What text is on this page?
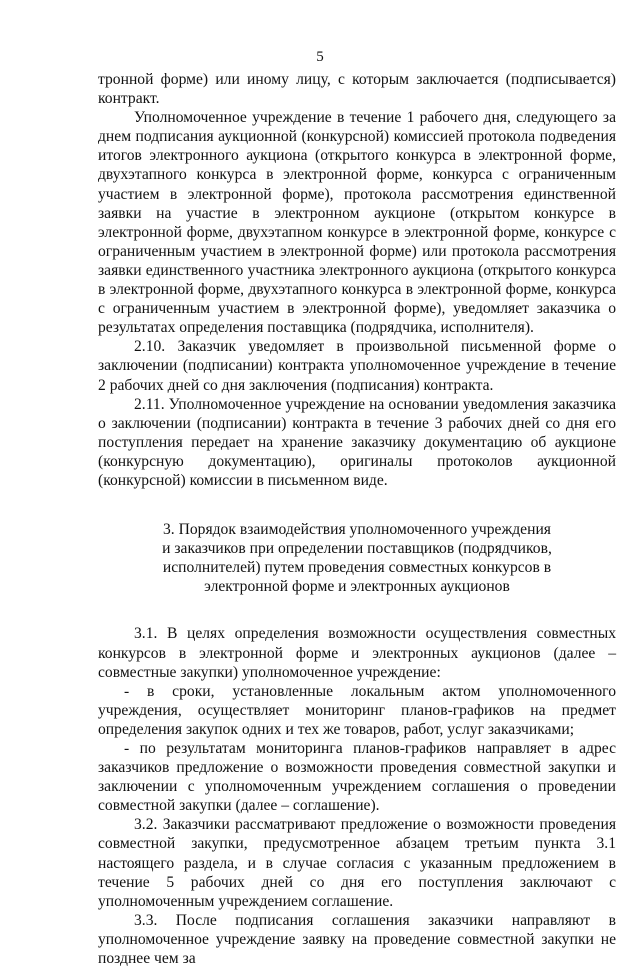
5

тронной форме) или иному лицу, с которым заключается (подписывается) контракт.

Уполномоченное учреждение в течение 1 рабочего дня, следующего за днем подписания аукционной (конкурсной) комиссией протокола подведения итогов электронного аукциона (открытого конкурса в электронной форме, двухэтапного конкурса в электронной форме, конкурса с ограниченным участием в электронной форме), протокола рассмотрения единственной заявки на участие в электронном аукционе (открытом конкурсе в электронной форме, двухэтапном конкурсе в электронной форме, конкурсе с ограниченным участием в электронной форме) или протокола рассмотрения заявки единственного участника электронного аукциона (открытого конкурса в электронной форме, двухэтапного конкурса в электронной форме, конкурса с ограниченным участием в электронной форме), уведомляет заказчика о результатах определения поставщика (подрядчика, исполнителя).

2.10. Заказчик уведомляет в произвольной письменной форме о заключении (подписании) контракта уполномоченное учреждение в течение 2 рабочих дней со дня заключения (подписания) контракта.

2.11. Уполномоченное учреждение на основании уведомления заказчика о заключении (подписании) контракта в течение 3 рабочих дней со дня его поступления передает на хранение заказчику документацию об аукционе (конкурсную документацию), оригиналы протоколов аукционной (конкурсной) комиссии в письменном виде.

3. Порядок взаимодействия уполномоченного учреждения
и заказчиков при определении поставщиков (подрядчиков,
исполнителей) путем проведения совместных конкурсов в
электронной форме и электронных аукционов

3.1. В целях определения возможности осуществления совместных конкурсов в электронной форме и электронных аукционов (далее – совместные закупки) уполномоченное учреждение:

- в сроки, установленные локальным актом уполномоченного учреждения, осуществляет мониторинг планов-графиков на предмет определения закупок одних и тех же товаров, работ, услуг заказчиками;

- по результатам мониторинга планов-графиков направляет в адрес заказчиков предложение о возможности проведения совместной закупки и заключении с уполномоченным учреждением соглашения о проведении совместной закупки (далее – соглашение).

3.2. Заказчики рассматривают предложение о возможности проведения совместной закупки, предусмотренное абзацем третьим пункта 3.1 настоящего раздела, и в случае согласия с указанным предложением в течение 5 рабочих дней со дня его поступления заключают с уполномоченным учреждением соглашение.

3.3. После подписания соглашения заказчики направляют в уполномоченное учреждение заявку на проведение совместной закупки не позднее чем за
